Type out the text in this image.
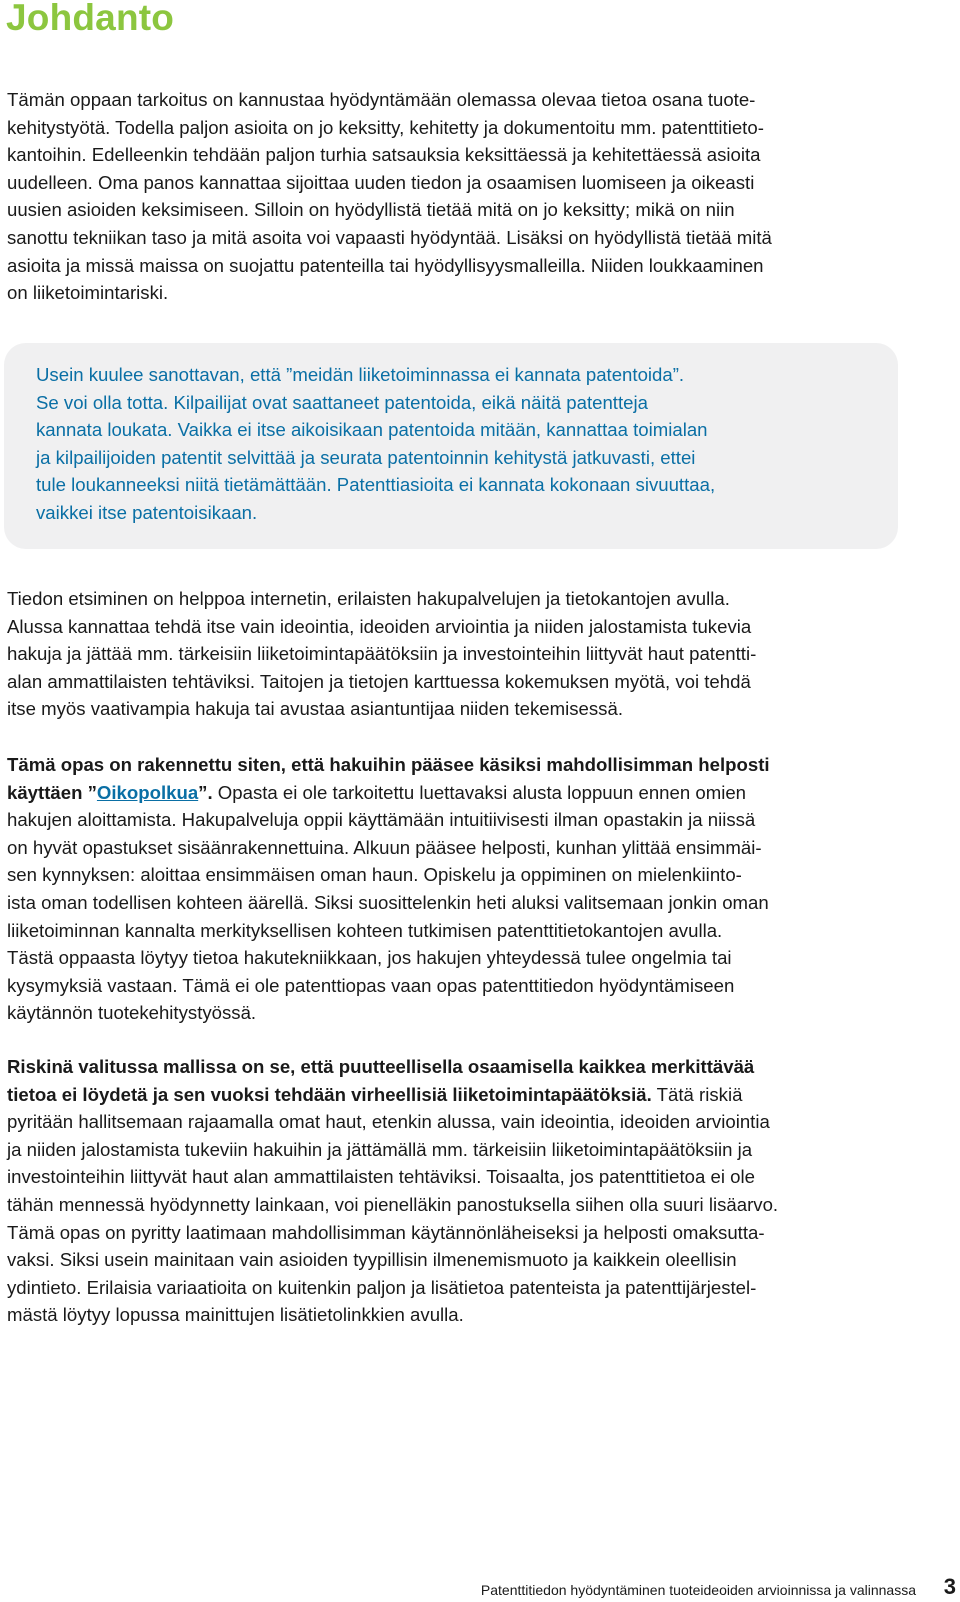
Johdanto

Tämän oppaan tarkoitus on kannustaa hyödyntämään olemassa olevaa tietoa osana tuote-
kehitystyötä. Todella paljon asioita on jo keksitty, kehitetty ja dokumentoitu mm. patenttitieto-
kantoihin. Edelleenkin tehdään paljon turhia satsauksia keksittäessä ja kehitettäessä asioita
uudelleen. Oma panos kannattaa sijoittaa uuden tiedon ja osaamisen luomiseen ja oikeasti
uusien asioiden keksimiseen. Silloin on hyödyllistä tietää mitä on jo keksitty; mikä on niin
sanottu tekniikan taso ja mitä asoita voi vapaasti hyödyntää. Lisäksi on hyödyllistä tietää mitä
asioita ja missä maissa on suojattu patenteilla tai hyödyllisyysmalleilla. Niiden loukkaaminen
on liiketoimintariski.

Usein kuulee sanottavan, että ”meidän liiketoiminnassa ei kannata patentoida”.
Se voi olla totta. Kilpailijat ovat saattaneet patentoida, eikä näitä patentteja
kannata loukata. Vaikka ei itse aikoisikaan patentoida mitään, kannattaa toimialan
ja kilpailijoiden patentit selvittää ja seurata patentoinnin kehitystä jatkuvasti, ettei
tule loukanneeksi niitä tietämättään. Patenttiasioita ei kannata kokonaan sivuuttaa,
vaikkei itse patentoisikaan.

Tiedon etsiminen on helppoa internetin, erilaisten hakupalvelujen ja tietokantojen avulla.
Alussa kannattaa tehdä itse vain ideointia, ideoiden arviointia ja niiden jalostamista tukevia
hakuja ja jättää mm. tärkeisiin liiketoimintapäätöksiin ja investointeihin liittyvät haut patentti-
alan ammattilaisten tehtäviksi. Taitojen ja tietojen karttuessa kokemuksen myötä, voi tehdä
itse myös vaativampia hakuja tai avustaa asiantuntijaa niiden tekemisessä.

Tämä opas on rakennettu siten, että hakuihin pääsee käsiksi mahdollisimman helposti
käyttäen ”Oikopolkua”. Opasta ei ole tarkoitettu luettavaksi alusta loppuun ennen omien
hakujen aloittamista. Hakupalveluja oppii käyttämään intuitiivisesti ilman opastakin ja niissä
on hyvät opastukset sisäänrakennettuina. Alkuun pääsee helposti, kunhan ylittää ensimmäi-
sen kynnyksen: aloittaa ensimmäisen oman haun. Opiskelu ja oppiminen on mielenkiinto-
ista oman todellisen kohteen äärellä. Siksi suosittelenkin heti aluksi valitsemaan jonkin oman
liiketoiminnan kannalta merkityksellisen kohteen tutkimisen patenttitietokantojen avulla.
Tästä oppaasta löytyy tietoa hakutekniikkaan, jos hakujen yhteydessä tulee ongelmia tai
kysymyksiä vastaan. Tämä ei ole patenttiopas vaan opas patenttitiedon hyödyntämiseen
käytännön tuotekehitystyössä.

Riskinä valitussa mallissa on se, että puutteellisella osaamisella kaikkea merkittävää
tietoa ei löydetä ja sen vuoksi tehdään virheellisiä liiketoimintapäätöksiä. Tätä riskiä
pyritään hallitsemaan rajaamalla omat haut, etenkin alussa, vain ideointia, ideoiden arviointia
ja niiden jalostamista tukeviin hakuihin ja jättämällä mm. tärkeisiin liiketoimintapäätöksiin ja
investointeihin liittyvät haut alan ammattilaisten tehtäviksi. Toisaalta, jos patenttitietoa ei ole
tähän mennessä hyödynnetty lainkaan, voi pienelläkin panostuksella siihen olla suuri lisäarvo.
Tämä opas on pyritty laatimaan mahdollisimman käytännönläheiseksi ja helposti omaksutta-
vaksi. Siksi usein mainitaan vain asioiden tyypillisin ilmenemismuoto ja kaikkein oleellisin
ydintieto. Erilaisia variaatioita on kuitenkin paljon ja lisätietoa patenteista ja patenttijärjestel-
mästä löytyy lopussa mainittujen lisätietolinkkien avulla.

Patenttitiedon hyödyntäminen tuoteideoiden arvioinnissa ja valinnassa 3
